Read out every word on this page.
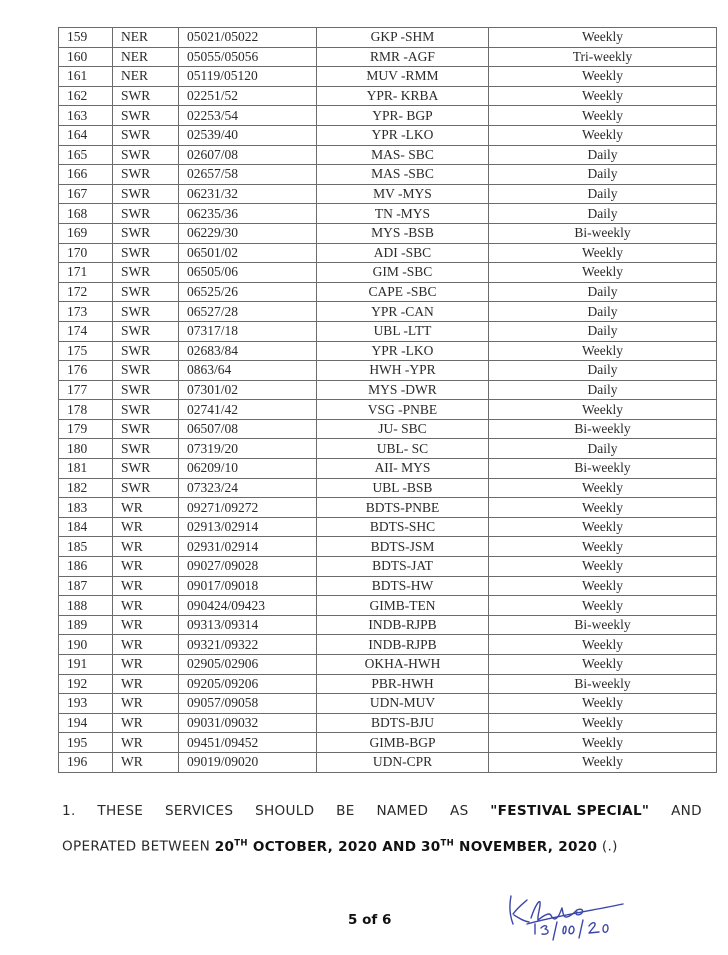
159	NER	05021/05022	GKP -SHM	Weekly
160	NER	05055/05056	RMR -AGF	Tri-weekly
161	NER	05119/05120	MUV -RMM	Weekly
162	SWR	02251/52	YPR- KRBA	Weekly
163	SWR	02253/54	YPR- BGP	Weekly
164	SWR	02539/40	YPR -LKO	Weekly
165	SWR	02607/08	MAS- SBC	Daily
166	SWR	02657/58	MAS -SBC	Daily
167	SWR	06231/32	MV -MYS	Daily
168	SWR	06235/36	TN -MYS	Daily
169	SWR	06229/30	MYS -BSB	Bi-weekly
170	SWR	06501/02	ADI -SBC	Weekly
171	SWR	06505/06	GIM -SBC	Weekly
172	SWR	06525/26	CAPE -SBC	Daily
173	SWR	06527/28	YPR -CAN	Daily
174	SWR	07317/18	UBL -LTT	Daily
175	SWR	02683/84	YPR -LKO	Weekly
176	SWR	0863/64	HWH -YPR	Daily
177	SWR	07301/02	MYS -DWR	Daily
178	SWR	02741/42	VSG -PNBE	Weekly
179	SWR	06507/08	JU- SBC	Bi-weekly
180	SWR	07319/20	UBL- SC	Daily
181	SWR	06209/10	AII- MYS	Bi-weekly
182	SWR	07323/24	UBL -BSB	Weekly
183	WR	09271/09272	BDTS-PNBE	Weekly
184	WR	02913/02914	BDTS-SHC	Weekly
185	WR	02931/02914	BDTS-JSM	Weekly
186	WR	09027/09028	BDTS-JAT	Weekly
187	WR	09017/09018	BDTS-HW	Weekly
188	WR	090424/09423	GIMB-TEN	Weekly
189	WR	09313/09314	INDB-RJPB	Bi-weekly
190	WR	09321/09322	INDB-RJPB	Weekly
191	WR	02905/02906	OKHA-HWH	Weekly
192	WR	09205/09206	PBR-HWH	Bi-weekly
193	WR	09057/09058	UDN-MUV	Weekly
194	WR	09031/09032	BDTS-BJU	Weekly
195	WR	09451/09452	GIMB-BGP	Weekly
196	WR	09019/09020	UDN-CPR	Weekly
1. THESE SERVICES SHOULD BE NAMED AS "FESTIVAL SPECIAL" AND
OPERATED BETWEEN 20TH OCTOBER, 2020 AND 30TH NOVEMBER, 2020 (.)
5 of 6
